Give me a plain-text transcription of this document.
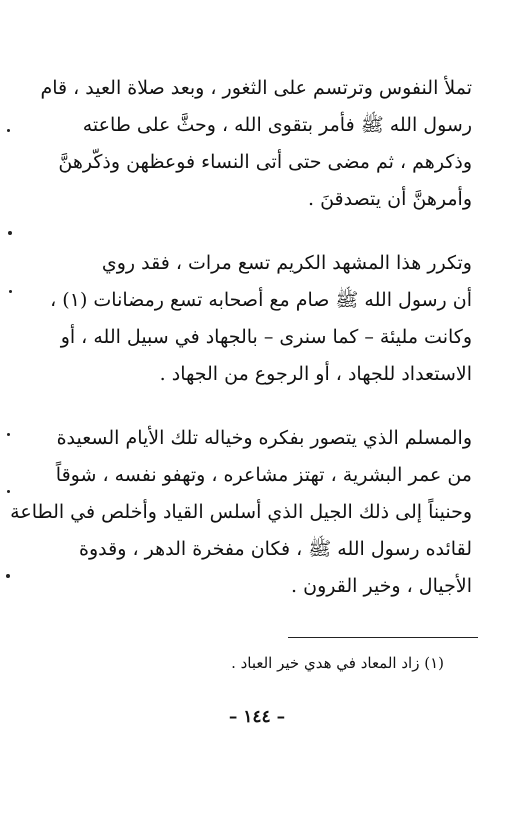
تملأ النفوس وترتسم على الثغور ، وبعد صلاة العيد ، قام
رسول الله ﷺ فأمر بتقوى الله ، وحثَّ على طاعته
وذكرهم ، ثم مضى حتى أتى النساء فوعظهن وذكّرهنَّ
وأمرهنَّ أن يتصدقنَ .
وتكرر هذا المشهد الكريم تسع مرات ، فقد روي
أن رسول الله ﷺ صام مع أصحابه تسع رمضانات (١) ،
وكانت مليئة – كما سنرى – بالجهاد في سبيل الله ، أو
الاستعداد للجهاد ، أو الرجوع من الجهاد .
والمسلم الذي يتصور بفكره وخياله تلك الأيام السعيدة
من عمر البشرية ، تهتز مشاعره ، وتهفو نفسه ، شوقاً
وحنيناً إلى ذلك الجيل الذي أسلس القياد وأخلص في الطاعة
لقائده رسول الله ﷺ ، فكان مفخرة الدهر ، وقدوة
الأجيال ، وخير القرون .
(١) زاد المعاد في هدي خير العباد .
– ١٤٤ –
